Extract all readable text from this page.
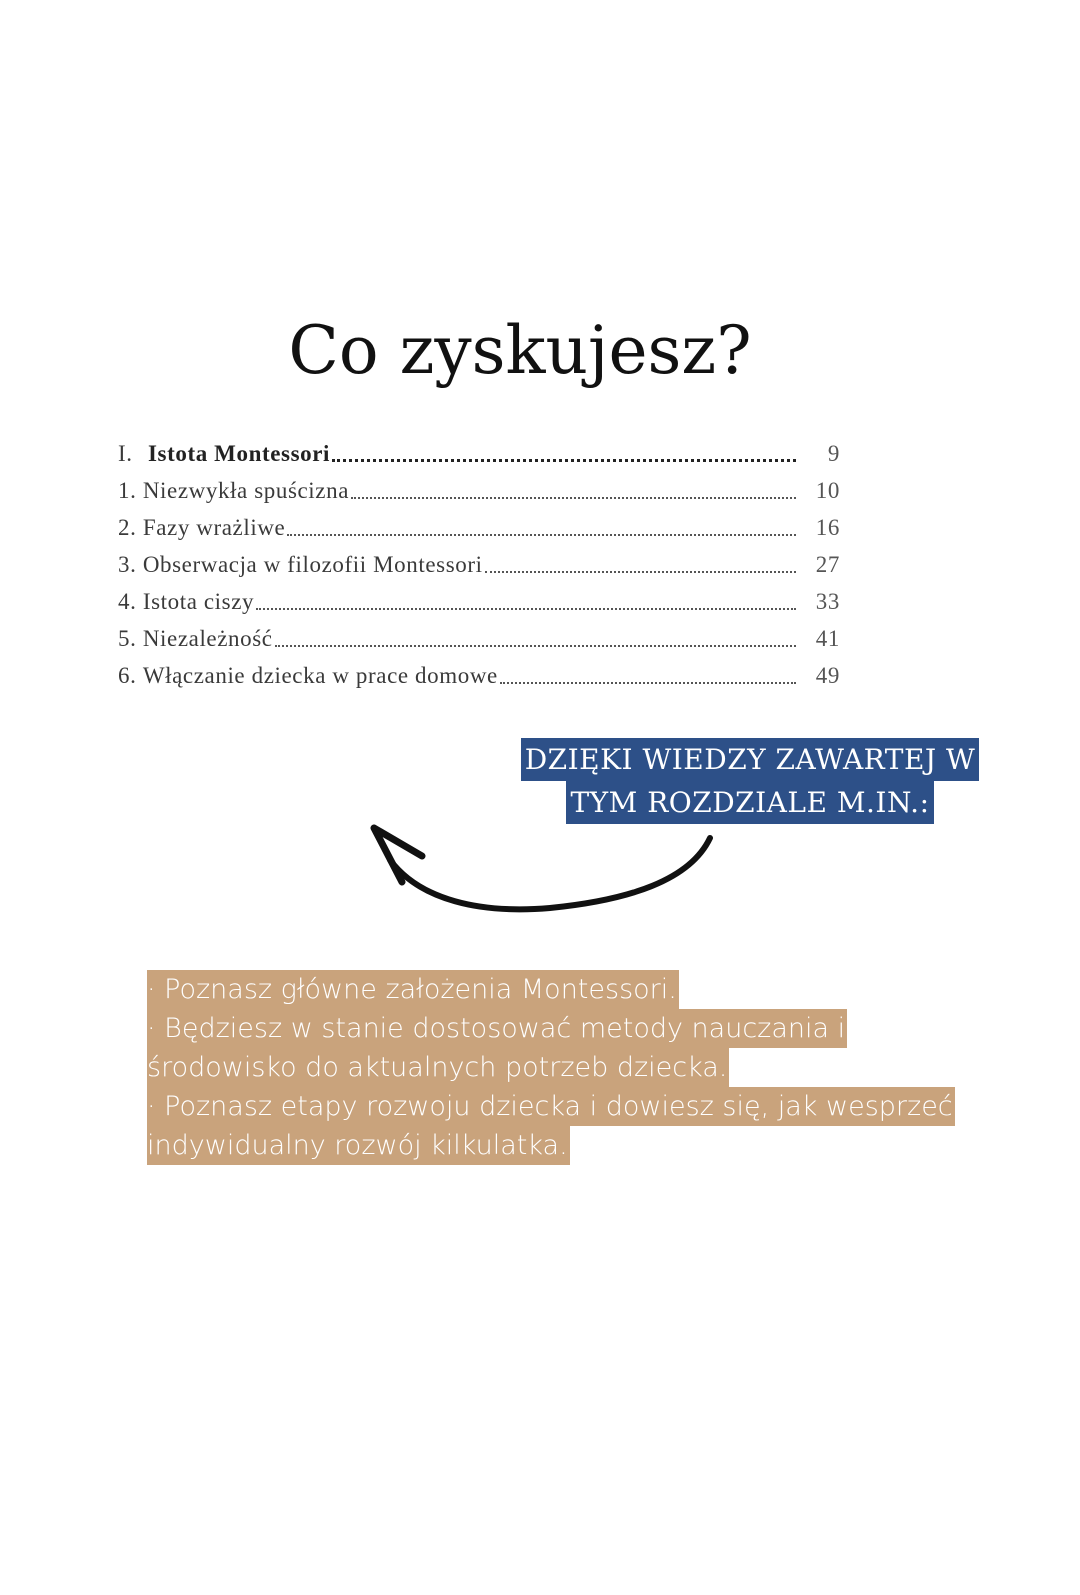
Co zyskujesz?
I. Istota Montessori	9
1. Niezwykła spuścizna	10
2. Fazy wrażliwe	16
3. Obserwacja w filozofii Montessori	27
4. Istota ciszy	33
5. Niezależność	41
6. Włączanie dziecka w prace domowe	49
DZIĘKI WIEDZY ZAWARTEJ W
TYM ROZDZIALE M.IN.:
· Poznasz główne założenia Montessori.
· Będziesz w stanie dostosować metody nauczania i
środowisko do aktualnych potrzeb dziecka.
· Poznasz etapy rozwoju dziecka i dowiesz się, jak wesprzeć
indywidualny rozwój kilkulatka.
